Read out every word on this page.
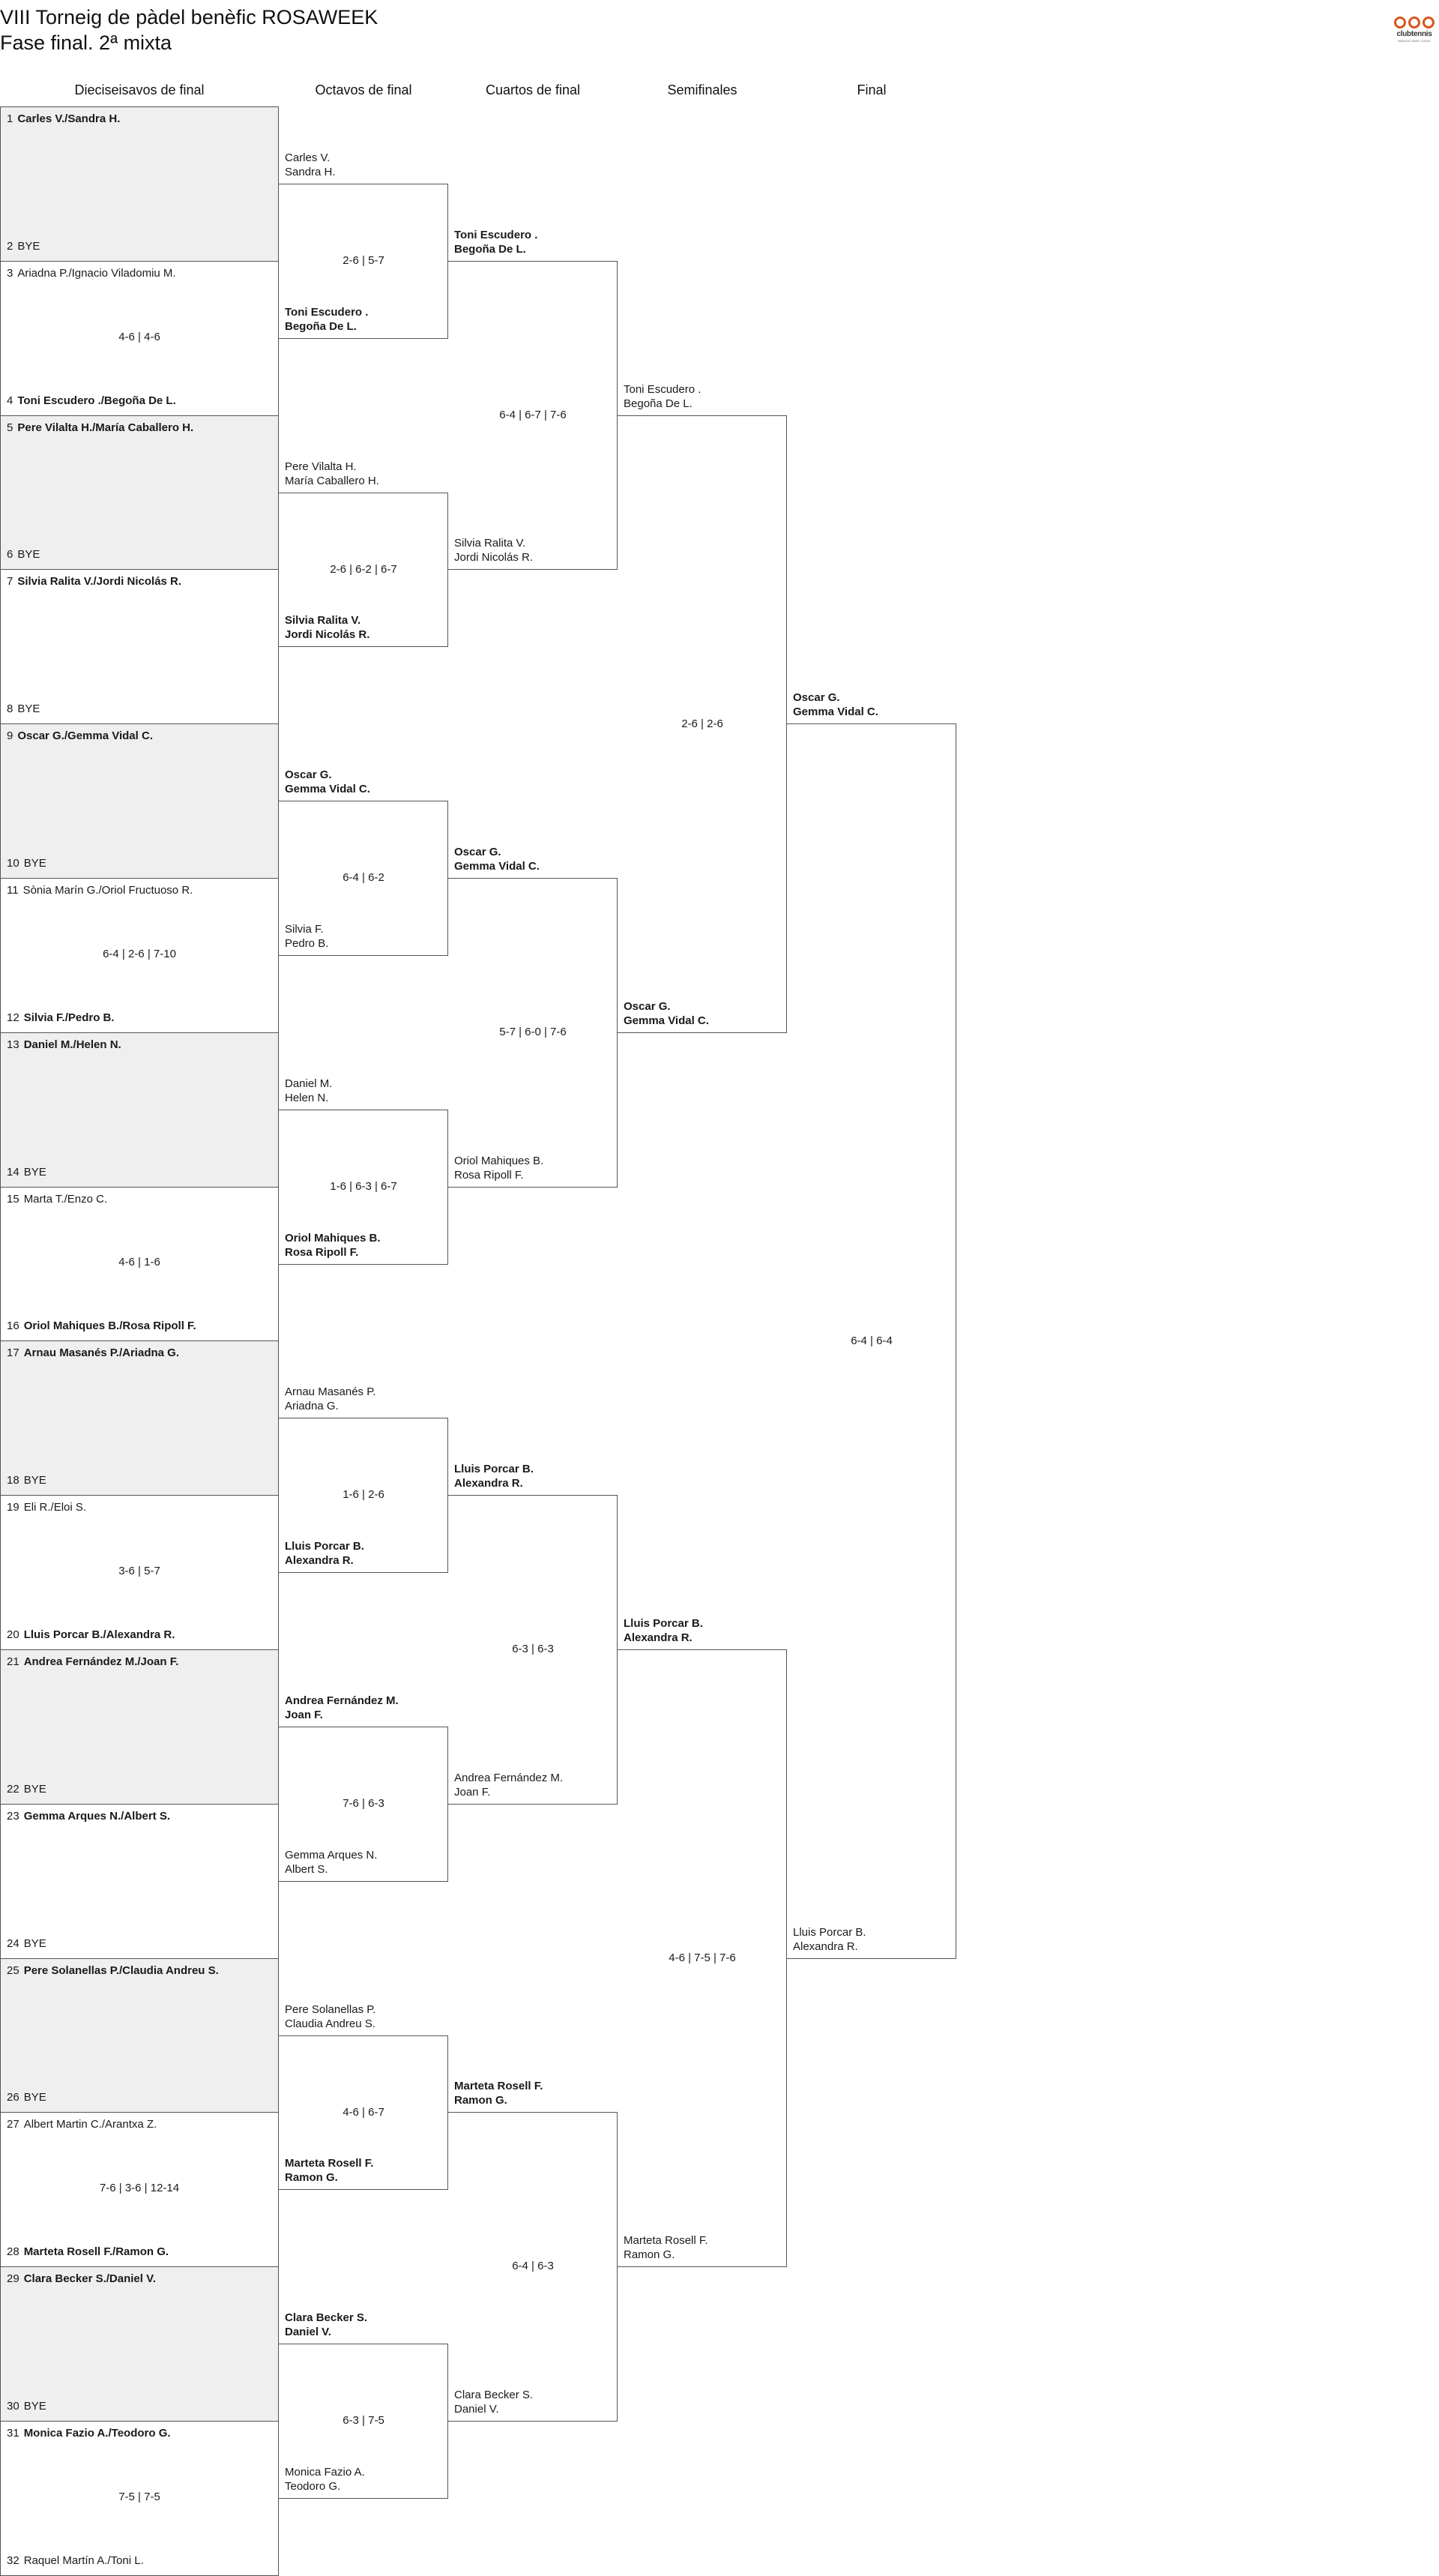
VIII Torneig de pàdel benèfic ROSAWEEK
Fase final. 2ª mixta	clubtennis
NATACIÓ SANT CUGAT
Dieciseisavos de final	Octavos de final	Cuartos de final	Semifinales	Final
1 Carles V./Sandra H.
2 BYE
3 Ariadna P./Ignacio Viladomiu M.
4 Toni Escudero ./Begoña De L.
4-6 | 4-6
5 Pere Vilalta H./María Caballero H.
6 BYE
7 Silvia Ralita V./Jordi Nicolás R.
8 BYE
9 Oscar G./Gemma Vidal C.
10 BYE
11 Sònia Marín G./Oriol Fructuoso R.
12 Silvia F./Pedro B.
6-4 | 2-6 | 7-10
13 Daniel M./Helen N.
14 BYE
15 Marta T./Enzo C.
16 Oriol Mahiques B./Rosa Ripoll F.
4-6 | 1-6
17 Arnau Masanés P./Ariadna G.
18 BYE
19 Eli R./Eloi S.
20 Lluis Porcar B./Alexandra R.
3-6 | 5-7
21 Andrea Fernández M./Joan F.
22 BYE
23 Gemma Arques N./Albert S.
24 BYE
25 Pere Solanellas P./Claudia Andreu S.
26 BYE
27 Albert Martin C./Arantxa Z.
28 Marteta Rosell F./Ramon G.
7-6 | 3-6 | 12-14
29 Clara Becker S./Daniel V.
30 BYE
31 Monica Fazio A./Teodoro G.
32 Raquel Martín A./Toni L.
7-5 | 7-5
Carles V.
Sandra H.
Toni Escudero .
Begoña De L.
Pere Vilalta H.
María Caballero H.
Silvia Ralita V.
Jordi Nicolás R.
Oscar G.
Gemma Vidal C.
Silvia F.
Pedro B.
Daniel M.
Helen N.
Oriol Mahiques B.
Rosa Ripoll F.
Arnau Masanés P.
Ariadna G.
Lluis Porcar B.
Alexandra R.
Andrea Fernández M.
Joan F.
Gemma Arques N.
Albert S.
Pere Solanellas P.
Claudia Andreu S.
Marteta Rosell F.
Ramon G.
Clara Becker S.
Daniel V.
Monica Fazio A.
Teodoro G.
2-6 | 5-7
2-6 | 6-2 | 6-7
6-4 | 6-2
1-6 | 6-3 | 6-7
1-6 | 2-6
7-6 | 6-3
4-6 | 6-7
6-3 | 7-5
Toni Escudero .
Begoña De L.
Silvia Ralita V.
Jordi Nicolás R.
Oscar G.
Gemma Vidal C.
Oriol Mahiques B.
Rosa Ripoll F.
Lluis Porcar B.
Alexandra R.
Andrea Fernández M.
Joan F.
Marteta Rosell F.
Ramon G.
Clara Becker S.
Daniel V.
6-4 | 6-7 | 7-6
5-7 | 6-0 | 7-6
6-3 | 6-3
6-4 | 6-3
Toni Escudero .
Begoña De L.
Oscar G.
Gemma Vidal C.
Lluis Porcar B.
Alexandra R.
Marteta Rosell F.
Ramon G.
2-6 | 2-6
4-6 | 7-5 | 7-6
Oscar G.
Gemma Vidal C.
Lluis Porcar B.
Alexandra R.
6-4 | 6-4
